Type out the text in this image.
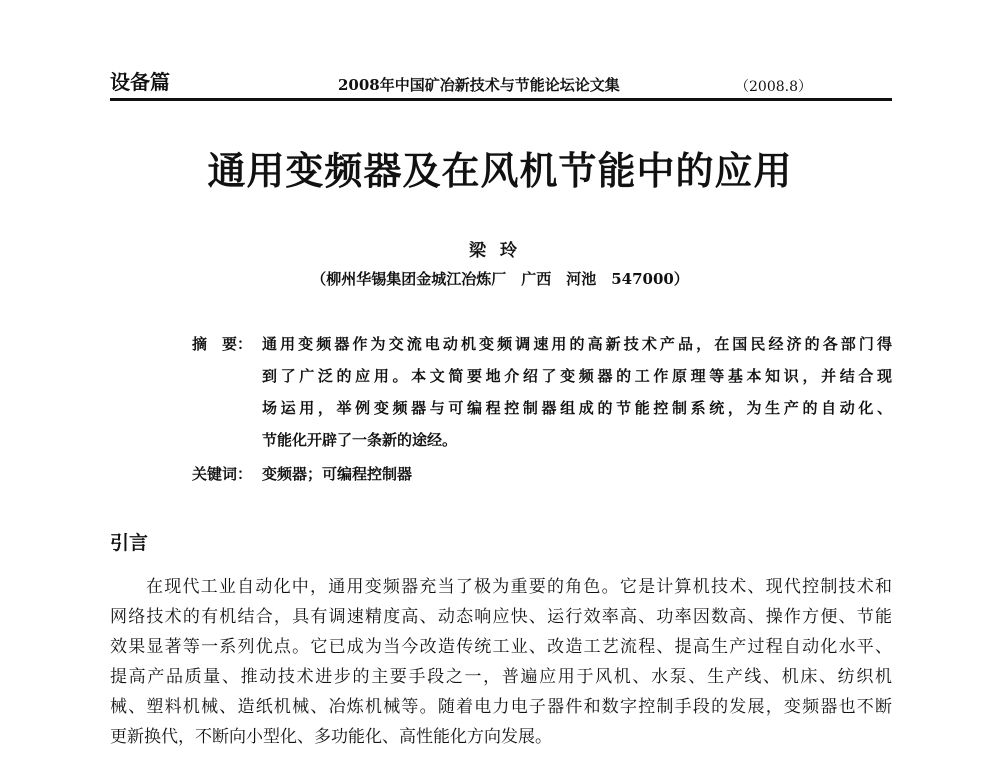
设备篇	2008年中国矿冶新技术与节能论坛论文集	（2008.8）
通用变频器及在风机节能中的应用
梁玲
（柳州华锡集团金城江冶炼厂　广西　河池　547000）
摘　要： 通用变频器作为交流电动机变频调速用的高新技术产品，在国民经济的各部门得
到了广泛的应用。本文简要地介绍了变频器的工作原理等基本知识，并结合现
场运用，举例变频器与可编程控制器组成的节能控制系统，为生产的自动化、
节能化开辟了一条新的途经。
关键词： 变频器；可编程控制器
引言
在现代工业自动化中，通用变频器充当了极为重要的角色。它是计算机技术、现代控制技术和
网络技术的有机结合，具有调速精度高、动态响应快、运行效率高、功率因数高、操作方便、节能
效果显著等一系列优点。它已成为当今改造传统工业、改造工艺流程、提高生产过程自动化水平、
提高产品质量、推动技术进步的主要手段之一，普遍应用于风机、水泵、生产线、机床、纺织机
械、塑料机械、造纸机械、冶炼机械等。随着电力电子器件和数字控制手段的发展，变频器也不断
更新换代，不断向小型化、多功能化、高性能化方向发展。
